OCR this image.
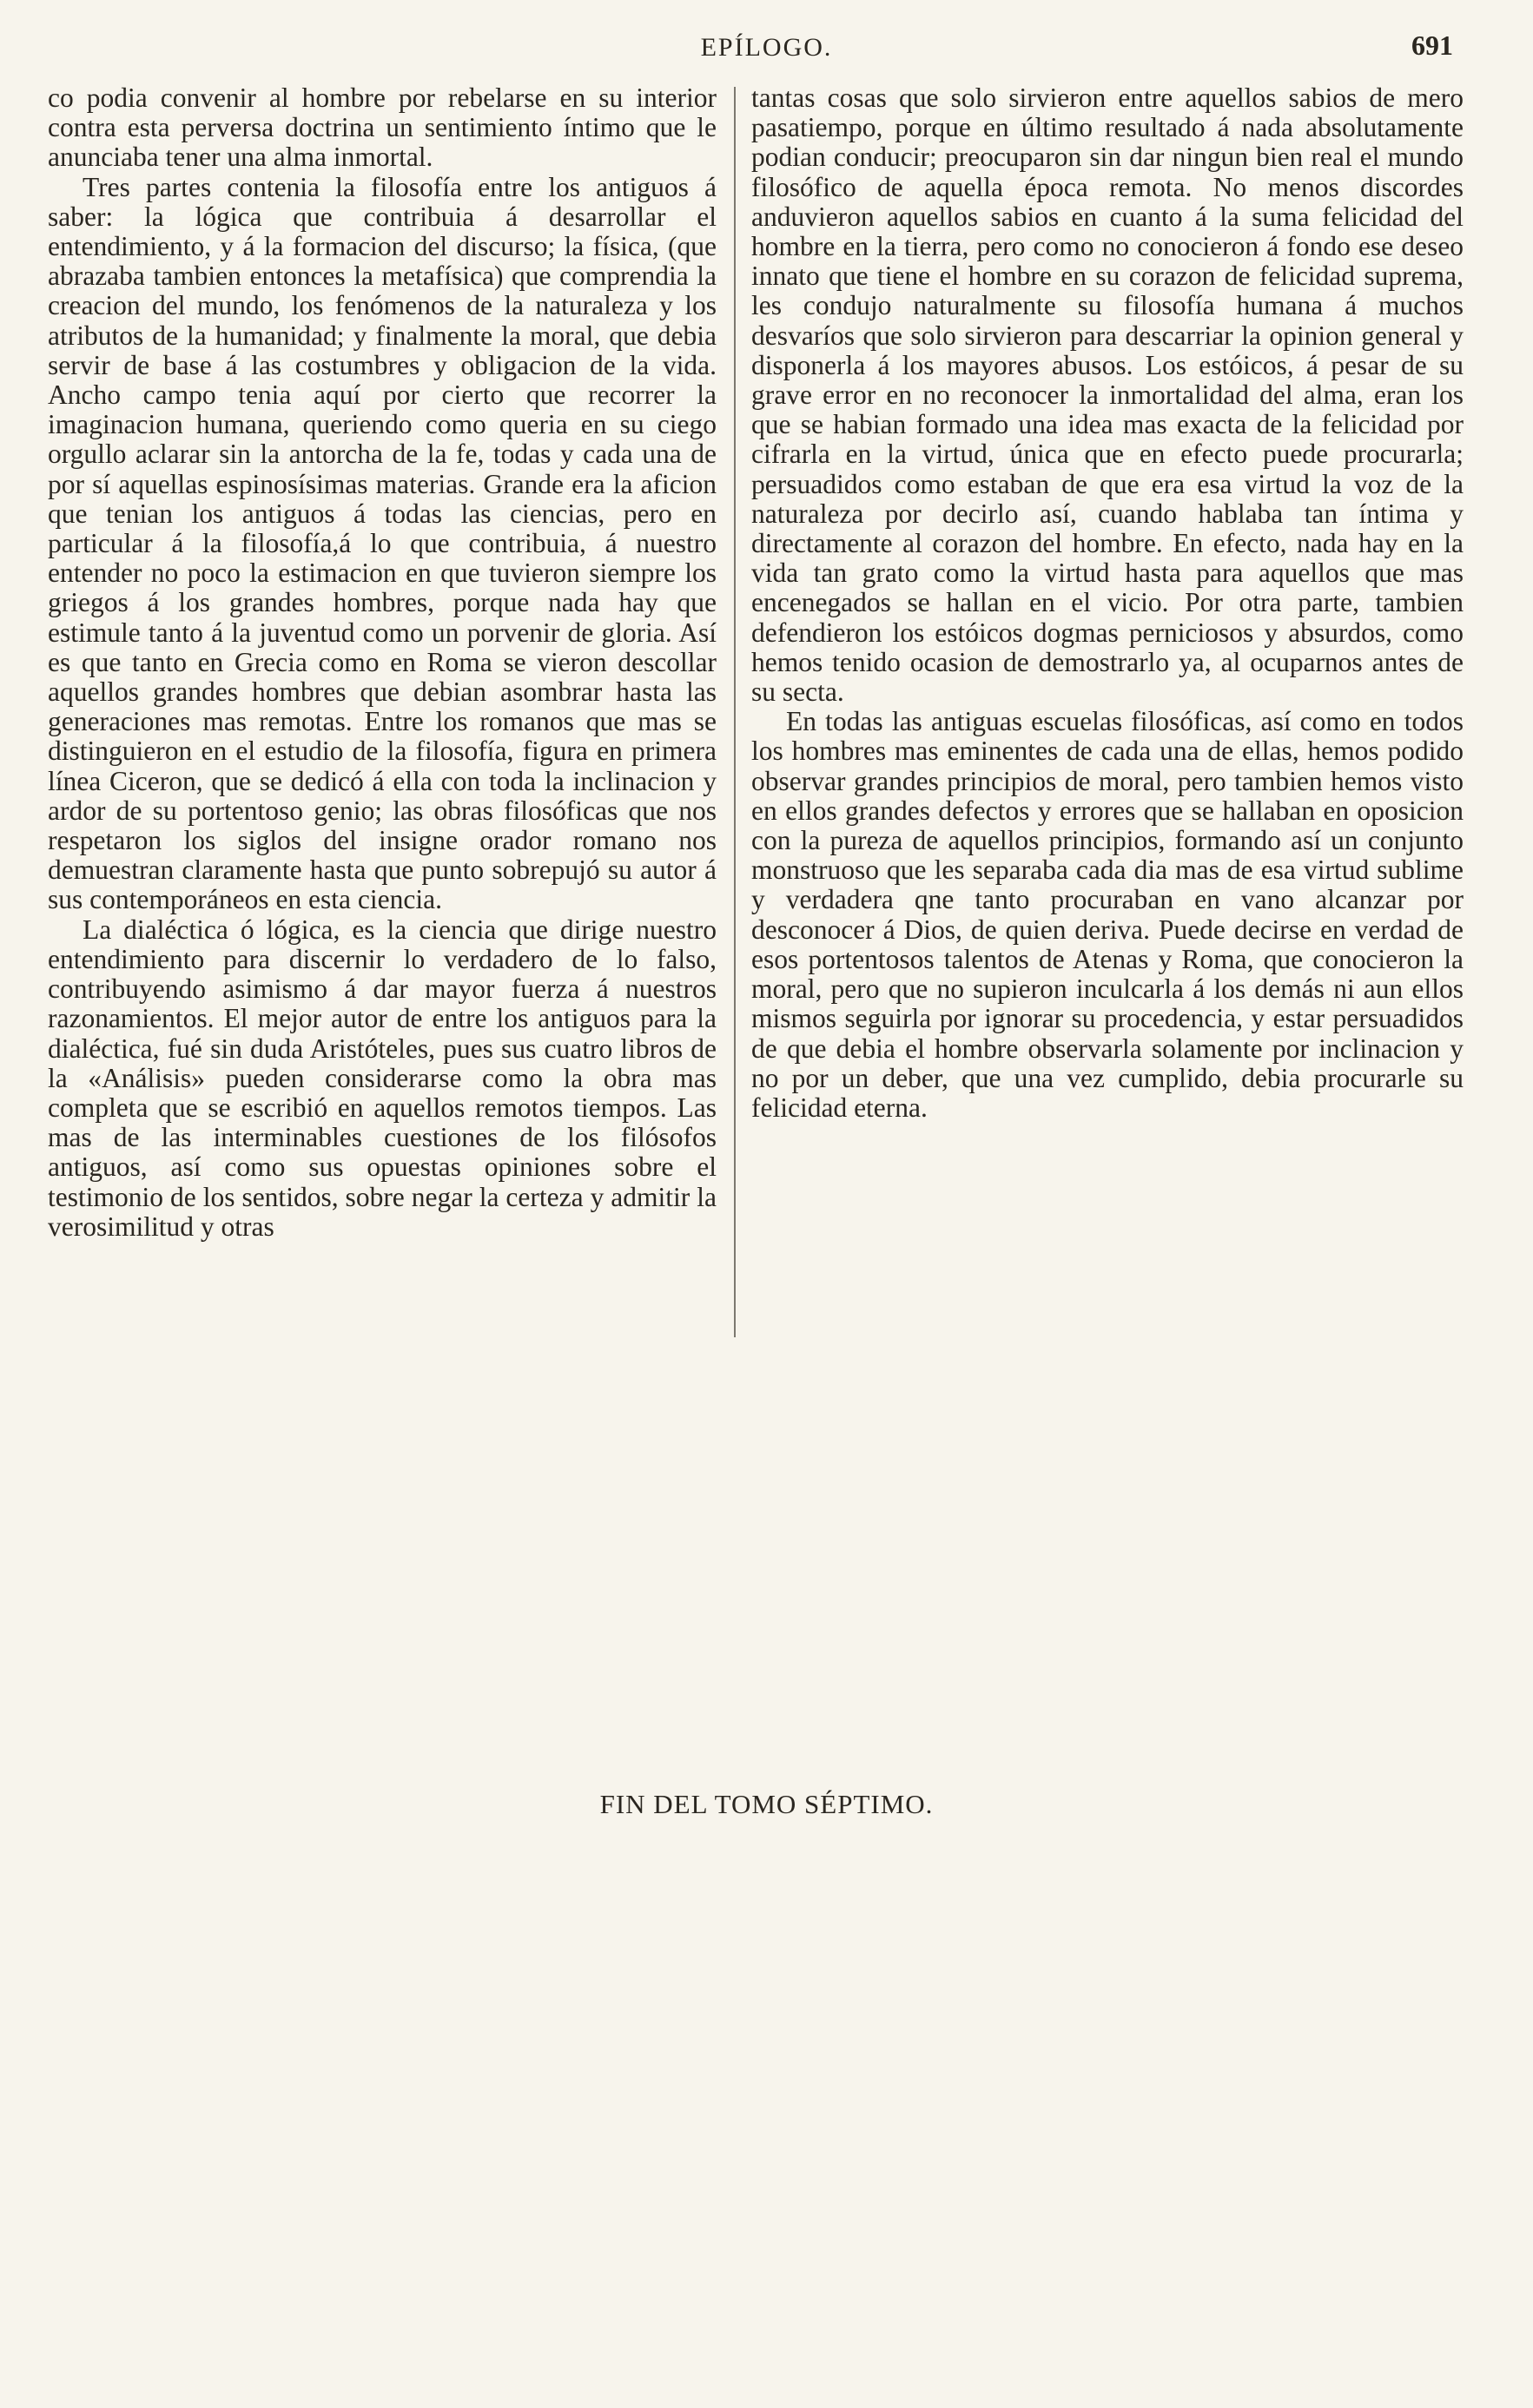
EPÍLOGO.	691

co podia convenir al hombre por rebelarse en su interior contra esta perversa doctrina un sentimiento íntimo que le anunciaba tener una alma inmortal.

Tres partes contenia la filosofía entre los antiguos á saber: la lógica que contribuia á desarrollar el entendimiento, y á la formacion del discurso; la física, (que abrazaba tambien entonces la metafísica) que comprendia la creacion del mundo, los fenómenos de la naturaleza y los atributos de la humanidad; y finalmente la moral, que debia servir de base á las costumbres y obligacion de la vida. Ancho campo tenia aquí por cierto que recorrer la imaginacion humana, queriendo como queria en su ciego orgullo aclarar sin la antorcha de la fe, todas y cada una de por sí aquellas espinosísimas materias. Grande era la aficion que tenian los antiguos á todas las ciencias, pero en particular á la filosofía,á lo que contribuia, á nuestro entender no poco la estimacion en que tuvieron siempre los griegos á los grandes hombres, porque nada hay que estimule tanto á la juventud como un porvenir de gloria. Así es que tanto en Grecia como en Roma se vieron descollar aquellos grandes hombres que debian asombrar hasta las generaciones mas remotas. Entre los romanos que mas se distinguieron en el estudio de la filosofía, figura en primera línea Ciceron, que se dedicó á ella con toda la inclinacion y ardor de su portentoso genio; las obras filosóficas que nos respetaron los siglos del insigne orador romano nos demuestran claramente hasta que punto sobrepujó su autor á sus contemporáneos en esta ciencia.

La dialéctica ó lógica, es la ciencia que dirige nuestro entendimiento para discernir lo verdadero de lo falso, contribuyendo asimismo á dar mayor fuerza á nuestros razonamientos. El mejor autor de entre los antiguos para la dialéctica, fué sin duda Aristóteles, pues sus cuatro libros de la «Análisis» pueden considerarse como la obra mas completa que se escribió en aquellos remotos tiempos. Las mas de las interminables cuestiones de los filósofos antiguos, así como sus opuestas opiniones sobre el testimonio de los sentidos, sobre negar la certeza y admitir la verosimilitud y otras

tantas cosas que solo sirvieron entre aquellos sabios de mero pasatiempo, porque en último resultado á nada absolutamente podian conducir; preocuparon sin dar ningun bien real el mundo filosófico de aquella época remota. No menos discordes anduvieron aquellos sabios en cuanto á la suma felicidad del hombre en la tierra, pero como no conocieron á fondo ese deseo innato que tiene el hombre en su corazon de felicidad suprema, les condujo naturalmente su filosofía humana á muchos desvaríos que solo sirvieron para descarriar la opinion general y disponerla á los mayores abusos. Los estóicos, á pesar de su grave error en no reconocer la inmortalidad del alma, eran los que se habian formado una idea mas exacta de la felicidad por cifrarla en la virtud, única que en efecto puede procurarla; persuadidos como estaban de que era esa virtud la voz de la naturaleza por decirlo así, cuando hablaba tan íntima y directamente al corazon del hombre. En efecto, nada hay en la vida tan grato como la virtud hasta para aquellos que mas encenegados se hallan en el vicio. Por otra parte, tambien defendieron los estóicos dogmas perniciosos y absurdos, como hemos tenido ocasion de demostrarlo ya, al ocuparnos antes de su secta.

En todas las antiguas escuelas filosóficas, así como en todos los hombres mas eminentes de cada una de ellas, hemos podido observar grandes principios de moral, pero tambien hemos visto en ellos grandes defectos y errores que se hallaban en oposicion con la pureza de aquellos principios, formando así un conjunto monstruoso que les separaba cada dia mas de esa virtud sublime y verdadera qne tanto procuraban en vano alcanzar por desconocer á Dios, de quien deriva. Puede decirse en verdad de esos portentosos talentos de Atenas y Roma, que conocieron la moral, pero que no supieron inculcarla á los demás ni aun ellos mismos seguirla por ignorar su procedencia, y estar persuadidos de que debia el hombre observarla solamente por inclinacion y no por un deber, que una vez cumplido, debia procurarle su felicidad eterna.

FIN DEL TOMO SÉPTIMO.
